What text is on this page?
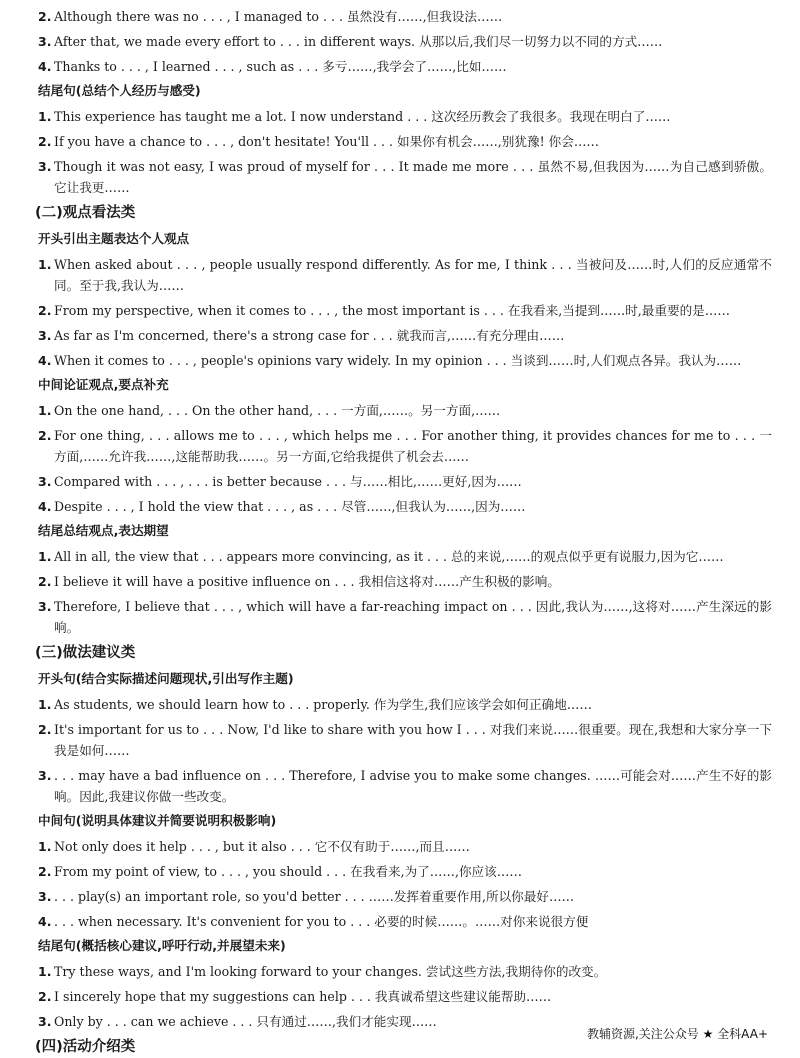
2. Although there was no . . . , I managed to . . . 虽然没有……,但我设法……
3. After that, we made every effort to . . . in different ways. 从那以后,我们尽一切努力以不同的方式……
4. Thanks to . . . , I learned . . . , such as . . . 多亏……,我学会了……,比如……
结尾句(总结个人经历与感受)
1. This experience has taught me a lot. I now understand . . . 这次经历教会了我很多。我现在明白了……
2. If you have a chance to . . . , don't hesitate! You'll . . . 如果你有机会……,别犹豫! 你会……
3. Though it was not easy, I was proud of myself for . . . It made me more . . . 虽然不易,但我因为……为自己感到骄傲。它让我更……
(二)观点看法类
开头引出主题表达个人观点
1. When asked about . . . , people usually respond differently. As for me, I think . . . 当被问及……时,人们的反应通常不同。至于我,我认为……
2. From my perspective, when it comes to . . . , the most important is . . . 在我看来,当提到……时,最重要的是……
3. As far as I'm concerned, there's a strong case for . . . 就我而言,……有充分理由……
4. When it comes to . . . , people's opinions vary widely. In my opinion . . . 当谈到……时,人们观点各异。我认为……
中间论证观点,要点补充
1. On the one hand, . . . On the other hand, . . . 一方面,……。另一方面,……
2. For one thing, . . . allows me to . . . , which helps me . . . For another thing, it provides chances for me to . . . 一方面,……允许我……,这能帮助我……。另一方面,它给我提供了机会去……
3. Compared with . . . , . . . is better because . . . 与……相比,……更好,因为……
4. Despite . . . , I hold the view that . . . , as . . . 尽管……,但我认为……,因为……
结尾总结观点,表达期望
1. All in all, the view that . . . appears more convincing, as it . . . 总的来说,……的观点似乎更有说服力,因为它……
2. I believe it will have a positive influence on . . . 我相信这将对……产生积极的影响。
3. Therefore, I believe that . . . , which will have a far-reaching impact on . . . 因此,我认为……,这将对……产生深远的影响。
(三)做法建议类
开头句(结合实际描述问题现状,引出写作主题)
1. As students, we should learn how to . . . properly. 作为学生,我们应该学会如何正确地……
2. It's important for us to . . . Now, I'd like to share with you how I . . . 对我们来说……很重要。现在,我想和大家分享一下我是如何……
3. . . . may have a bad influence on . . . Therefore, I advise you to make some changes. ……可能会对……产生不好的影响。因此,我建议你做一些改变。
中间句(说明具体建议并简要说明积极影响)
1. Not only does it help . . . , but it also . . . 它不仅有助于……,而且……
2. From my point of view, to . . . , you should . . . 在我看来,为了……,你应该……
3. . . . play(s) an important role, so you'd better . . . ……发挥着重要作用,所以你最好……
4. . . . when necessary. It's convenient for you to . . . 必要的时候……。……对你来说很方便
结尾句(概括核心建议,呼吁行动,并展望未来)
1. Try these ways, and I'm looking forward to your changes. 尝试这些方法,我期待你的改变。
2. I sincerely hope that my suggestions can help . . . 我真诚希望这些建议能帮助……
3. Only by . . . can we achieve . . . 只有通过……,我们才能实现……
(四)活动介绍类
教辅资源,关注公众号 ★ 全科AA+
